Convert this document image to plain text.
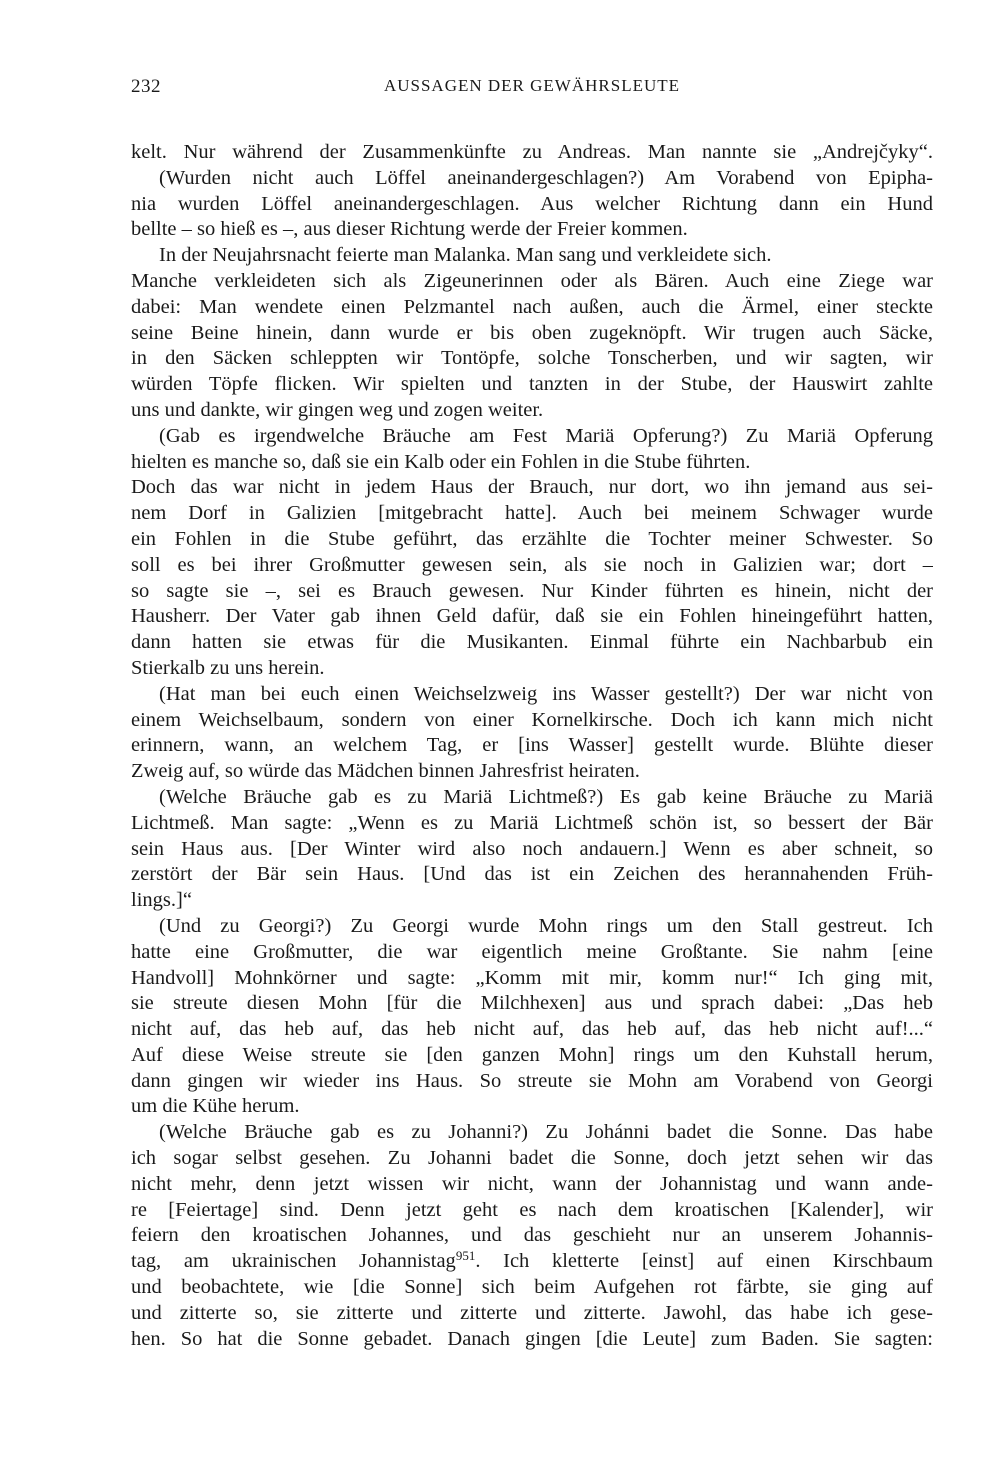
232	AUSSAGEN DER GEWÄHRSLEUTE
kelt. Nur während der Zusammenkünfte zu Andreas. Man nannte sie „Andrejčyky“.
(Wurden nicht auch Löffel aneinandergeschlagen?) Am Vorabend von Epipha-
nia wurden Löffel aneinandergeschlagen. Aus welcher Richtung dann ein Hund
bellte – so hieß es –, aus dieser Richtung werde der Freier kommen.
In der Neujahrsnacht feierte man Malanka. Man sang und verkleidete sich.
Manche verkleideten sich als Zigeunerinnen oder als Bären. Auch eine Ziege war
dabei: Man wendete einen Pelzmantel nach außen, auch die Ärmel, einer steckte
seine Beine hinein, dann wurde er bis oben zugeknöpft. Wir trugen auch Säcke,
in den Säcken schleppten wir Tontöpfe, solche Tonscherben, und wir sagten, wir
würden Töpfe flicken. Wir spielten und tanzten in der Stube, der Hauswirt zahlte
uns und dankte, wir gingen weg und zogen weiter.
(Gab es irgendwelche Bräuche am Fest Mariä Opferung?) Zu Mariä Opferung
hielten es manche so, daß sie ein Kalb oder ein Fohlen in die Stube führten.
Doch das war nicht in jedem Haus der Brauch, nur dort, wo ihn jemand aus sei-
nem Dorf in Galizien [mitgebracht hatte]. Auch bei meinem Schwager wurde
ein Fohlen in die Stube geführt, das erzählte die Tochter meiner Schwester. So
soll es bei ihrer Großmutter gewesen sein, als sie noch in Galizien war; dort –
so sagte sie –, sei es Brauch gewesen. Nur Kinder führten es hinein, nicht der
Hausherr. Der Vater gab ihnen Geld dafür, daß sie ein Fohlen hineingeführt hatten,
dann hatten sie etwas für die Musikanten. Einmal führte ein Nachbarbub ein
Stierkalb zu uns herein.
(Hat man bei euch einen Weichselzweig ins Wasser gestellt?) Der war nicht von
einem Weichselbaum, sondern von einer Kornelkirsche. Doch ich kann mich nicht
erinnern, wann, an welchem Tag, er [ins Wasser] gestellt wurde. Blühte dieser
Zweig auf, so würde das Mädchen binnen Jahresfrist heiraten.
(Welche Bräuche gab es zu Mariä Lichtmeß?) Es gab keine Bräuche zu Mariä
Lichtmeß. Man sagte: „Wenn es zu Mariä Lichtmeß schön ist, so bessert der Bär
sein Haus aus. [Der Winter wird also noch andauern.] Wenn es aber schneit, so
zerstört der Bär sein Haus. [Und das ist ein Zeichen des herannahenden Früh-
lings.]“
(Und zu Georgi?) Zu Georgi wurde Mohn rings um den Stall gestreut. Ich
hatte eine Großmutter, die war eigentlich meine Großtante. Sie nahm [eine
Handvoll] Mohnkörner und sagte: „Komm mit mir, komm nur!“ Ich ging mit,
sie streute diesen Mohn [für die Milchhexen] aus und sprach dabei: „Das heb
nicht auf, das heb auf, das heb nicht auf, das heb auf, das heb nicht auf!...“
Auf diese Weise streute sie [den ganzen Mohn] rings um den Kuhstall herum,
dann gingen wir wieder ins Haus. So streute sie Mohn am Vorabend von Georgi
um die Kühe herum.
(Welche Bräuche gab es zu Johanni?) Zu Johánni badet die Sonne. Das habe
ich sogar selbst gesehen. Zu Johanni badet die Sonne, doch jetzt sehen wir das
nicht mehr, denn jetzt wissen wir nicht, wann der Johannistag und wann ande-
re [Feiertage] sind. Denn jetzt geht es nach dem kroatischen [Kalender], wir
feiern den kroatischen Johannes, und das geschieht nur an unserem Johannis-
tag, am ukrainischen Johannistag$^{951}$. Ich kletterte [einst] auf einen Kirschbaum
und beobachtete, wie [die Sonne] sich beim Aufgehen rot färbte, sie ging auf
und zitterte so, sie zitterte und zitterte und zitterte. Jawohl, das habe ich gese-
hen. So hat die Sonne gebadet. Danach gingen [die Leute] zum Baden. Sie sagten:
